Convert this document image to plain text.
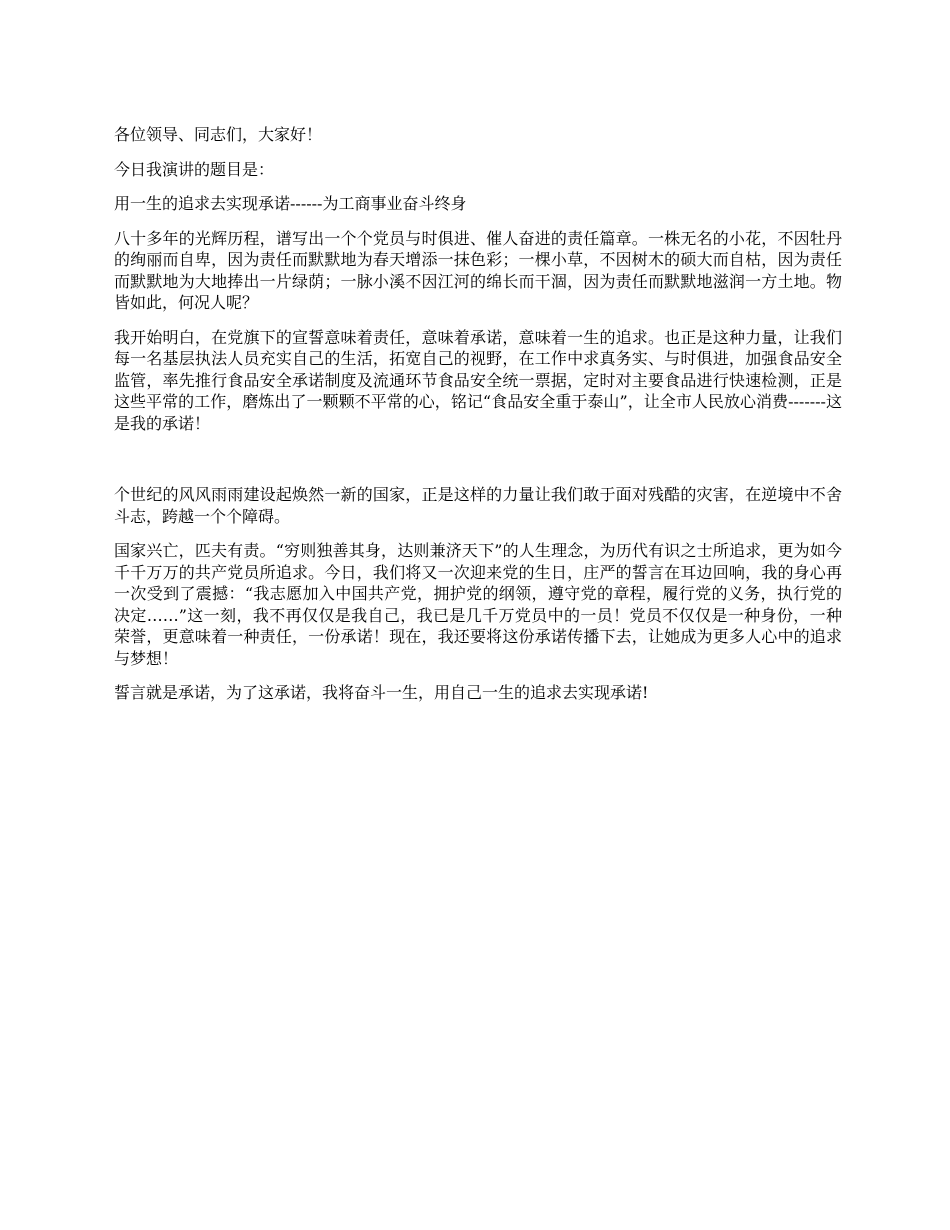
各位领导、同志们，大家好！

今日我演讲的题目是：

用一生的追求去实现承诺------为工商事业奋斗终身

八十多年的光辉历程，谱写出一个个党员与时俱进、催人奋进的责任篇章。一株无名的小花，不因牡丹的绚丽而自卑，因为责任而默默地为春天增添一抹色彩；一棵小草，不因树木的硕大而自枯，因为责任而默默地为大地捧出一片绿荫；一脉小溪不因江河的绵长而干涸，因为责任而默默地滋润一方土地。物皆如此，何况人呢？

我开始明白，在党旗下的宣誓意味着责任，意味着承诺，意味着一生的追求。也正是这种力量，让我们每一名基层执法人员充实自己的生活，拓宽自己的视野，在工作中求真务实、与时俱进，加强食品安全监管，率先推行食品安全承诺制度及流通环节食品安全统一票据，定时对主要食品进行快速检测，正是这些平常的工作，磨炼出了一颗颗不平常的心，铭记“食品安全重于泰山”，让全市人民放心消费-------这是我的承诺！

个世纪的风风雨雨建设起焕然一新的国家，正是这样的力量让我们敢于面对残酷的灾害，在逆境中不舍斗志，跨越一个个障碍。

国家兴亡，匹夫有责。“穷则独善其身，达则兼济天下”的人生理念，为历代有识之士所追求，更为如今千千万万的共产党员所追求。今日，我们将又一次迎来党的生日，庄严的誓言在耳边回响，我的身心再一次受到了震撼：“我志愿加入中国共产党，拥护党的纲领，遵守党的章程，履行党的义务，执行党的决定……”这一刻，我不再仅仅是我自己，我已是几千万党员中的一员！党员不仅仅是一种身份，一种荣誉，更意味着一种责任，一份承诺！现在，我还要将这份承诺传播下去，让她成为更多人心中的追求与梦想！

誓言就是承诺，为了这承诺，我将奋斗一生，用自己一生的追求去实现承诺!
